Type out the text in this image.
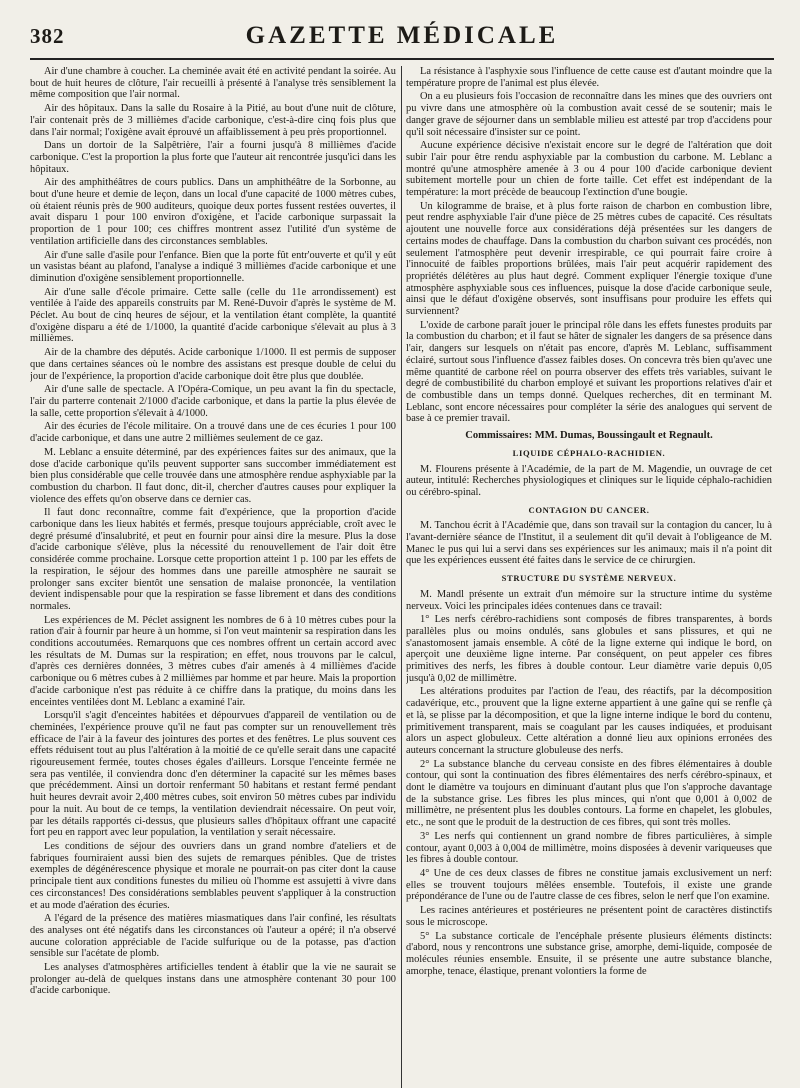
382	GAZETTE MÉDICALE

Air d'une chambre à coucher. La cheminée avait été en activité pendant la soirée. Au bout de huit heures de clôture, l'air recueilli à présenté à l'analyse très sensiblement la même composition que l'air normal.

Air des hôpitaux. Dans la salle du Rosaire à la Pitié, au bout d'une nuit de clôture, l'air contenait près de 3 millièmes d'acide carbonique, c'est-à-dire cinq fois plus que dans l'air normal; l'oxigène avait éprouvé un affaiblissement à peu près proportionnel.

Dans un dortoir de la Salpêtrière, l'air a fourni jusqu'à 8 millièmes d'acide carbonique. C'est la proportion la plus forte que l'auteur ait rencontrée jusqu'ici dans les hôpitaux.

Air des amphithéâtres de cours publics. Dans un amphithéâtre de la Sorbonne, au bout d'une heure et demie de leçon, dans un local d'une capacité de 1000 mètres cubes, où étaient réunis près de 900 auditeurs, quoique deux portes fussent restées ouvertes, il avait disparu 1 pour 100 environ d'oxigène, et l'acide carbonique surpassait la proportion de 1 pour 100; ces chiffres montrent assez l'utilité d'un système de ventilation artificielle dans des circonstances semblables.

Air d'une salle d'asile pour l'enfance. Bien que la porte fût entr'ouverte et qu'il y eût un vasistas béant au plafond, l'analyse a indiqué 3 millièmes d'acide carbonique et une diminution d'oxigène sensiblement proportionnelle.

Air d'une salle d'école primaire. Cette salle (celle du 11e arrondissement) est ventilée à l'aide des appareils construits par M. René-Duvoir d'après le système de M. Péclet. Au bout de cinq heures de séjour, et la ventilation étant complète, la quantité d'oxigène disparu a été de 1/1000, la quantité d'acide carbonique s'élevait au plus à 3 millièmes.

Air de la chambre des députés. Acide carbonique 1/1000. Il est permis de supposer que dans certaines séances où le nombre des assistans est presque double de celui du jour de l'expérience, la proportion d'acide carbonique doit être plus que doublée.

Air d'une salle de spectacle. A l'Opéra-Comique, un peu avant la fin du spectacle, l'air du parterre contenait 2/1000 d'acide carbonique, et dans la partie la plus élevée de la salle, cette proportion s'élevait à 4/1000.

Air des écuries de l'école militaire. On a trouvé dans une de ces écuries 1 pour 100 d'acide carbonique, et dans une autre 2 millièmes seulement de ce gaz.

M. Leblanc a ensuite déterminé, par des expériences faites sur des animaux, que la dose d'acide carbonique qu'ils peuvent supporter sans succomber immédiatement est bien plus considérable que celle trouvée dans une atmosphère rendue asphyxiable par la combustion du charbon. Il faut donc, dit-il, chercher d'autres causes pour expliquer la violence des effets qu'on observe dans ce dernier cas.

Il faut donc reconnaître, comme fait d'expérience, que la proportion d'acide carbonique dans les lieux habités et fermés, presque toujours appréciable, croît avec le degré présumé d'insalubrité, et peut en fournir pour ainsi dire la mesure. Plus la dose d'acide carbonique s'élève, plus la nécessité du renouvellement de l'air doit être considérée comme prochaine. Lorsque cette proportion atteint 1 p. 100 par les effets de la respiration, le séjour des hommes dans une pareille atmosphère ne saurait se prolonger sans exciter bientôt une sensation de malaise prononcée, la ventilation devient indispensable pour que la respiration se fasse librement et dans des conditions normales.

Les expériences de M. Péclet assignent les nombres de 6 à 10 mètres cubes pour la ration d'air à fournir par heure à un homme, si l'on veut maintenir sa respiration dans les conditions accoutumées. Remarquons que ces nombres offrent un certain accord avec les résultats de M. Dumas sur la respiration; en effet, nous trouvons par le calcul, d'après ces dernières données, 3 mètres cubes d'air amenés à 4 millièmes d'acide carbonique ou 6 mètres cubes à 2 millièmes par homme et par heure. Mais la proportion d'acide carbonique n'est pas réduite à ce chiffre dans la pratique, du moins dans les enceintes ventilées dont M. Leblanc a examiné l'air.

Lorsqu'il s'agit d'enceintes habitées et dépourvues d'appareil de ventilation ou de cheminées, l'expérience prouve qu'il ne faut pas compter sur un renouvellement très efficace de l'air à la faveur des jointures des portes et des fenêtres. Le plus souvent ces effets réduisent tout au plus l'altération à la moitié de ce qu'elle serait dans une capacité rigoureusement fermée, toutes choses égales d'ailleurs. Lorsque l'enceinte fermée ne sera pas ventilée, il conviendra donc d'en déterminer la capacité sur les mêmes bases que précédemment. Ainsi un dortoir renfermant 50 habitans et restant fermé pendant huit heures devrait avoir 2,400 mètres cubes, soit environ 50 mètres cubes par individu pour la nuit. Au bout de ce temps, la ventilation deviendrait nécessaire. On peut voir, par les détails rapportés ci-dessus, que plusieurs salles d'hôpitaux offrant une capacité fort peu en rapport avec leur population, la ventilation y serait nécessaire.

Les conditions de séjour des ouvriers dans un grand nombre d'ateliers et de fabriques fourniraient aussi bien des sujets de remarques pénibles. Que de tristes exemples de dégénérescence physique et morale ne pourrait-on pas citer dont la cause principale tient aux conditions funestes du milieu où l'homme est assujetti à vivre dans ces circonstances! Des considérations semblables peuvent s'appliquer à la construction et au mode d'aération des écuries.

A l'égard de la présence des matières miasmatiques dans l'air confiné, les résultats des analyses ont été négatifs dans les circonstances où l'auteur a opéré; il n'a observé aucune coloration appréciable de l'acide sulfurique ou de la potasse, pas d'action sensible sur l'acétate de plomb.

Les analyses d'atmosphères artificielles tendent à établir que la vie ne saurait se prolonger au-delà de quelques instans dans une atmosphère contenant 30 pour 100 d'acide carbonique.

La résistance à l'asphyxie sous l'influence de cette cause est d'autant moindre que la température propre de l'animal est plus élevée.

On a eu plusieurs fois l'occasion de reconnaître dans les mines que des ouvriers ont pu vivre dans une atmosphère où la combustion avait cessé de se soutenir; mais le danger grave de séjourner dans un semblable milieu est attesté par trop d'accidens pour qu'il soit nécessaire d'insister sur ce point.

Aucune expérience décisive n'existait encore sur le degré de l'altération que doit subir l'air pour être rendu asphyxiable par la combustion du carbone. M. Leblanc a montré qu'une atmosphère amenée à 3 ou 4 pour 100 d'acide carbonique devient subitement mortelle pour un chien de forte taille. Cet effet est indépendant de la température: la mort précède de beaucoup l'extinction d'une bougie.

Un kilogramme de braise, et à plus forte raison de charbon en combustion libre, peut rendre asphyxiable l'air d'une pièce de 25 mètres cubes de capacité. Ces résultats ajoutent une nouvelle force aux considérations déjà présentées sur les dangers de certains modes de chauffage. Dans la combustion du charbon suivant ces procédés, non seulement l'atmosphère peut devenir irrespirable, ce qui pourrait faire croire à l'innocuité de faibles proportions brûlées, mais l'air peut acquérir rapidement des propriétés délétères au plus haut degré. Comment expliquer l'énergie toxique d'une atmosphère asphyxiable sous ces influences, puisque la dose d'acide carbonique seule, ainsi que le défaut d'oxigène observés, sont insuffisans pour produire les effets qui surviennent?

L'oxide de carbone paraît jouer le principal rôle dans les effets funestes produits par la combustion du charbon; et il faut se hâter de signaler les dangers de sa présence dans l'air, dangers sur lesquels on n'était pas encore, d'après M. Leblanc, suffisamment éclairé, surtout sous l'influence d'assez faibles doses. On concevra très bien qu'avec une même quantité de carbone réel on pourra observer des effets très variables, suivant le degré de combustibilité du charbon employé et suivant les proportions relatives d'air et de combustible dans un temps donné. Quelques recherches, dit en terminant M. Leblanc, sont encore nécessaires pour compléter la série des analogues qui servent de base à ce premier travail.

Commissaires: MM. Dumas, Boussingault et Regnault.
LIQUIDE CÉPHALO-RACHIDIEN.

M. Flourens présente à l'Académie, de la part de M. Magendie, un ouvrage de cet auteur, intitulé: Recherches physiologiques et cliniques sur le liquide céphalo-rachidien ou cérébro-spinal.

CONTAGION DU CANCER.

M. Tanchou écrit à l'Académie que, dans son travail sur la contagion du cancer, lu à l'avant-dernière séance de l'Institut, il a seulement dit qu'il devait à l'obligeance de M. Manec le pus qui lui a servi dans ses expériences sur les animaux; mais il n'a point dit que les expériences eussent été faites dans le service de ce chirurgien.

STRUCTURE DU SYSTÈME NERVEUX.

M. Mandl présente un extrait d'un mémoire sur la structure intime du système nerveux. Voici les principales idées contenues dans ce travail:

1° Les nerfs cérébro-rachidiens sont composés de fibres transparentes, à bords parallèles plus ou moins ondulés, sans globules et sans plissures, et qui ne s'anastomosent jamais ensemble. A côté de la ligne externe qui indique le bord, on aperçoit une deuxième ligne interne. Par conséquent, on peut appeler ces fibres primitives des nerfs, les fibres à double contour. Leur diamètre varie depuis 0,05 jusqu'à 0,02 de millimètre.

Les altérations produites par l'action de l'eau, des réactifs, par la décomposition cadavérique, etc., prouvent que la ligne externe appartient à une gaîne qui se renfle çà et là, se plisse par la décomposition, et que la ligne interne indique le bord du contenu, primitivement transparent, mais se coagulant par les causes indiquées, et produisant alors un aspect globuleux. Cette altération a donné lieu aux opinions erronées des auteurs concernant la structure globuleuse des nerfs.

2° La substance blanche du cerveau consiste en des fibres élémentaires à double contour, qui sont la continuation des fibres élémentaires des nerfs cérébro-spinaux, et dont le diamètre va toujours en diminuant d'autant plus que l'on s'approche davantage de la substance grise. Les fibres les plus minces, qui n'ont que 0,001 à 0,002 de millimètre, ne présentent plus les doubles contours. La forme en chapelet, les globules, etc., ne sont que le produit de la destruction de ces fibres, qui sont très molles.

3° Les nerfs qui contiennent un grand nombre de fibres particulières, à simple contour, ayant 0,003 à 0,004 de millimètre, moins disposées à devenir variqueuses que les fibres à double contour.

4° Une de ces deux classes de fibres ne constitue jamais exclusivement un nerf: elles se trouvent toujours mêlées ensemble. Toutefois, il existe une grande prépondérance de l'une ou de l'autre classe de ces fibres, selon le nerf que l'on examine.

Les racines antérieures et postérieures ne présentent point de caractères distinctifs sous le microscope.

5° La substance corticale de l'encéphale présente plusieurs éléments distincts: d'abord, nous y rencontrons une substance grise, amorphe, demi-liquide, composée de molécules réunies ensemble. Ensuite, il se présente une autre substance blanche, amorphe, tenace, élastique, prenant volontiers la forme de
